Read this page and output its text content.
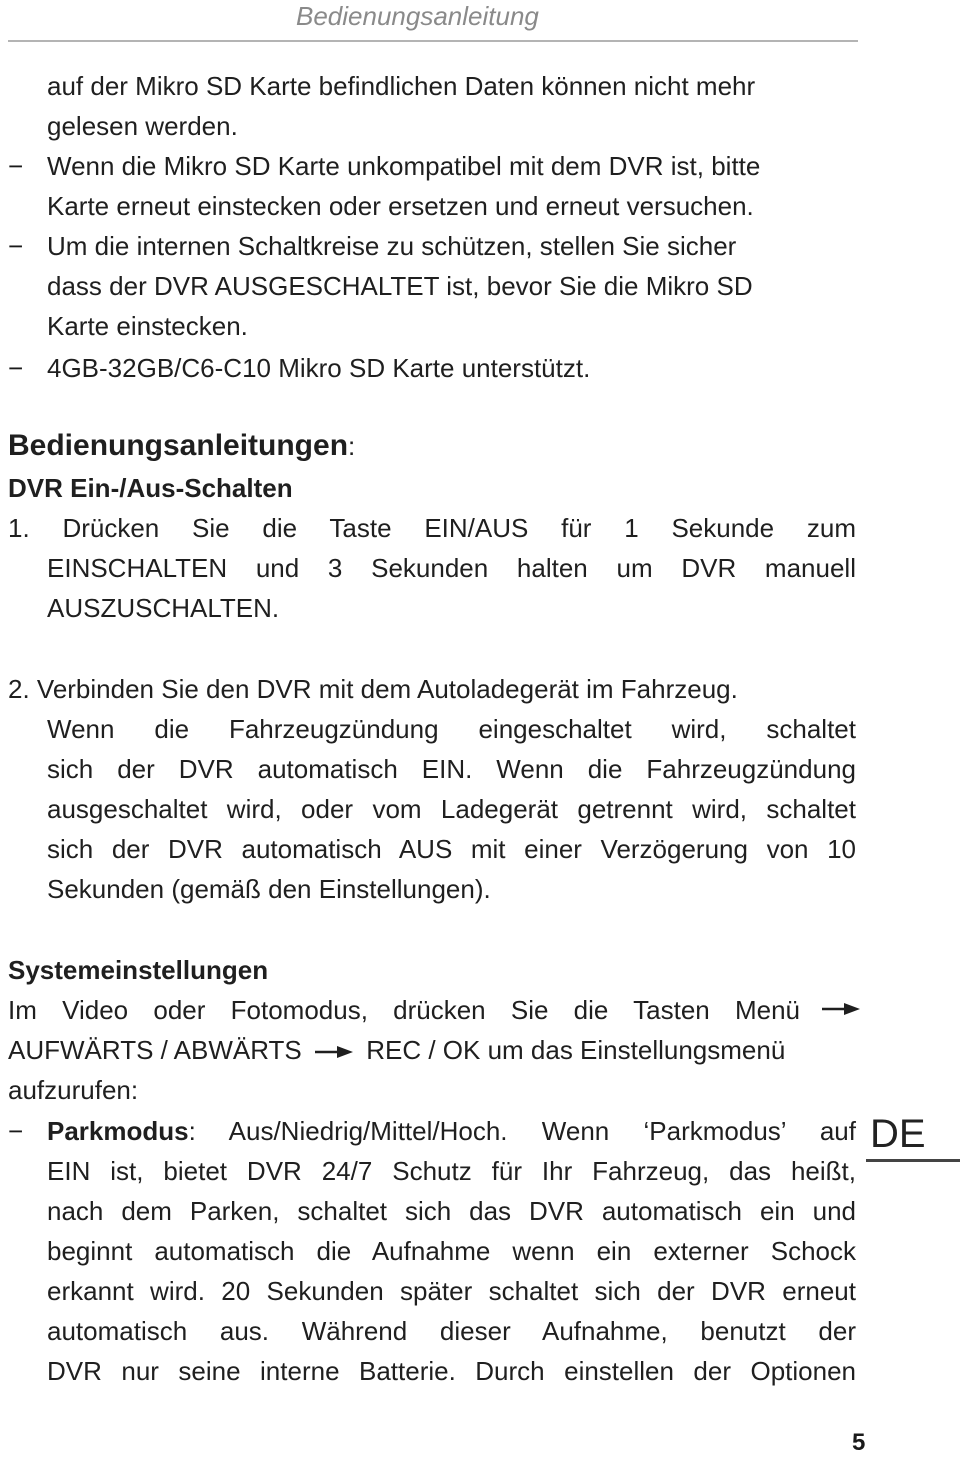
Bedienungsanleitung
auf der Mikro SD Karte befindlichen Daten können nicht mehr
gelesen werden.
− Wenn die Mikro SD Karte unkompatibel mit dem DVR ist, bitte
Karte erneut einstecken oder ersetzen und erneut versuchen.
− Um die internen Schaltkreise zu schützen, stellen Sie sicher
dass der DVR AUSGESCHALTET ist, bevor Sie die Mikro SD
Karte einstecken.
− 4GB-32GB/C6-C10 Mikro SD Karte unterstützt.
Bedienungsanleitungen:
DVR Ein-/Aus-Schalten
1. Drücken Sie die Taste EIN/AUS für 1 Sekunde zum
EINSCHALTEN und 3 Sekunden halten um DVR manuell
AUSZUSCHALTEN.
2. Verbinden Sie den DVR mit dem Autoladegerät im Fahrzeug.
Wenn die Fahrzeugzündung eingeschaltet wird, schaltet
sich der DVR automatisch EIN. Wenn die Fahrzeugzündung
ausgeschaltet wird, oder vom Ladegerät getrennt wird, schaltet
sich der DVR automatisch AUS mit einer Verzögerung von 10
Sekunden (gemäß den Einstellungen).
Systemeinstellungen
Im Video oder Fotomodus, drücken Sie die Tasten Menü
AUFWÄRTS / ABWÄRTS REC / OK um das Einstellungsmenü
aufzurufen:
− Parkmodus: Aus/Niedrig/Mittel/Hoch. Wenn ‘Parkmodus’ auf
EIN ist, bietet DVR 24/7 Schutz für Ihr Fahrzeug, das heißt,
nach dem Parken, schaltet sich das DVR automatisch ein und
beginnt automatisch die Aufnahme wenn ein externer Schock
erkannt wird. 20 Sekunden später schaltet sich der DVR erneut
automatisch aus. Während dieser Aufnahme, benutzt der
DVR nur seine interne Batterie. Durch einstellen der Optionen
DE
5
